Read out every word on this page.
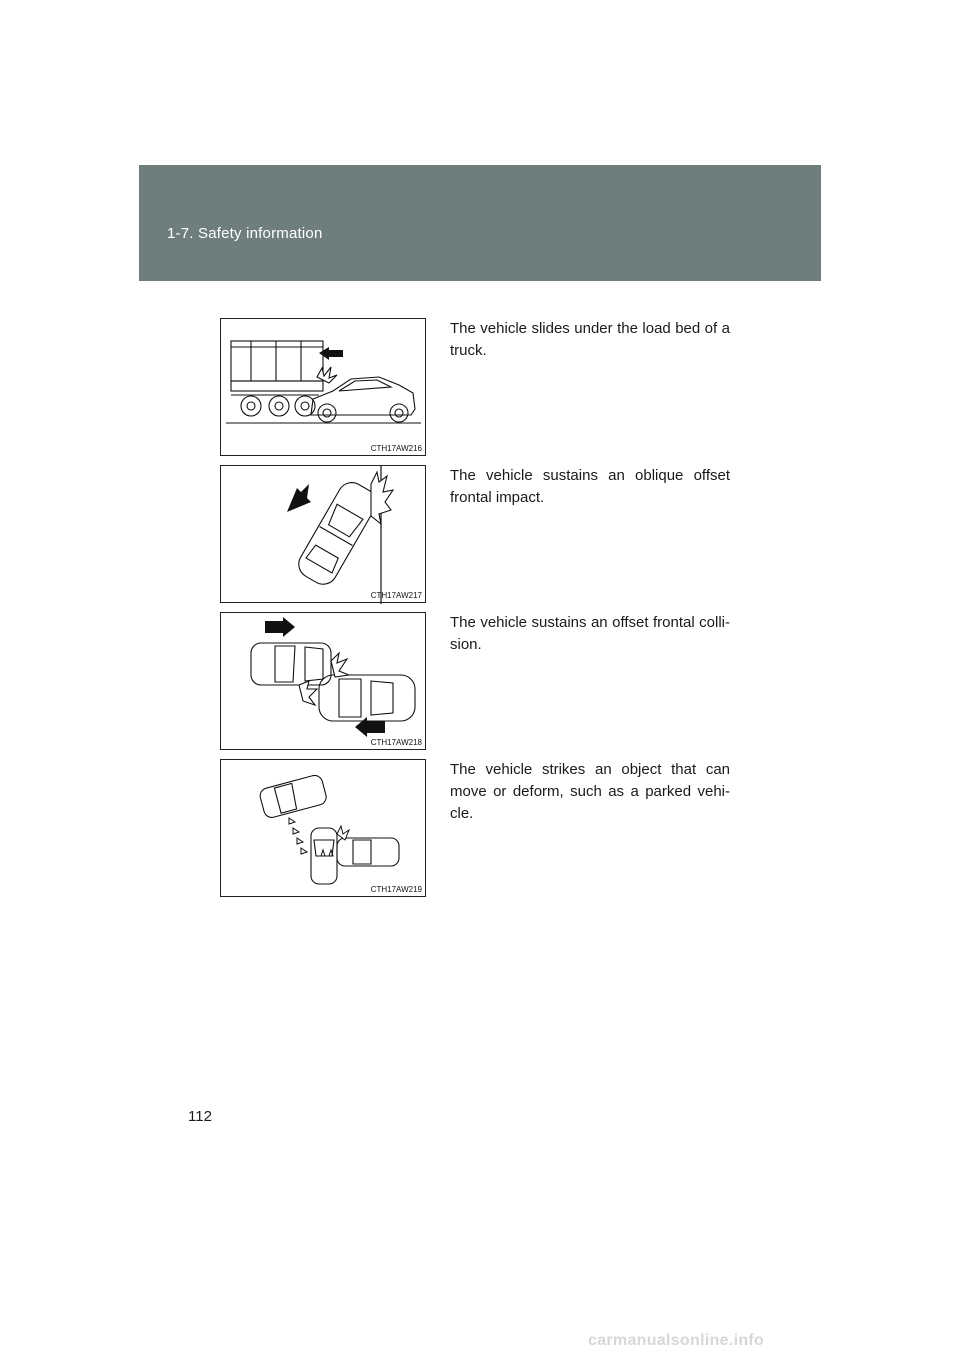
1-7. Safety information
CTH17AW216
The vehicle slides under the load bed of a truck.
CTH17AW217
The vehicle sustains an oblique offset frontal impact.
CTH17AW218
The vehicle sustains an offset frontal colli-sion.
CTH17AW219
The vehicle strikes an object that can move or deform, such as a parked vehi-cle.
112
carmanualsonline.info
